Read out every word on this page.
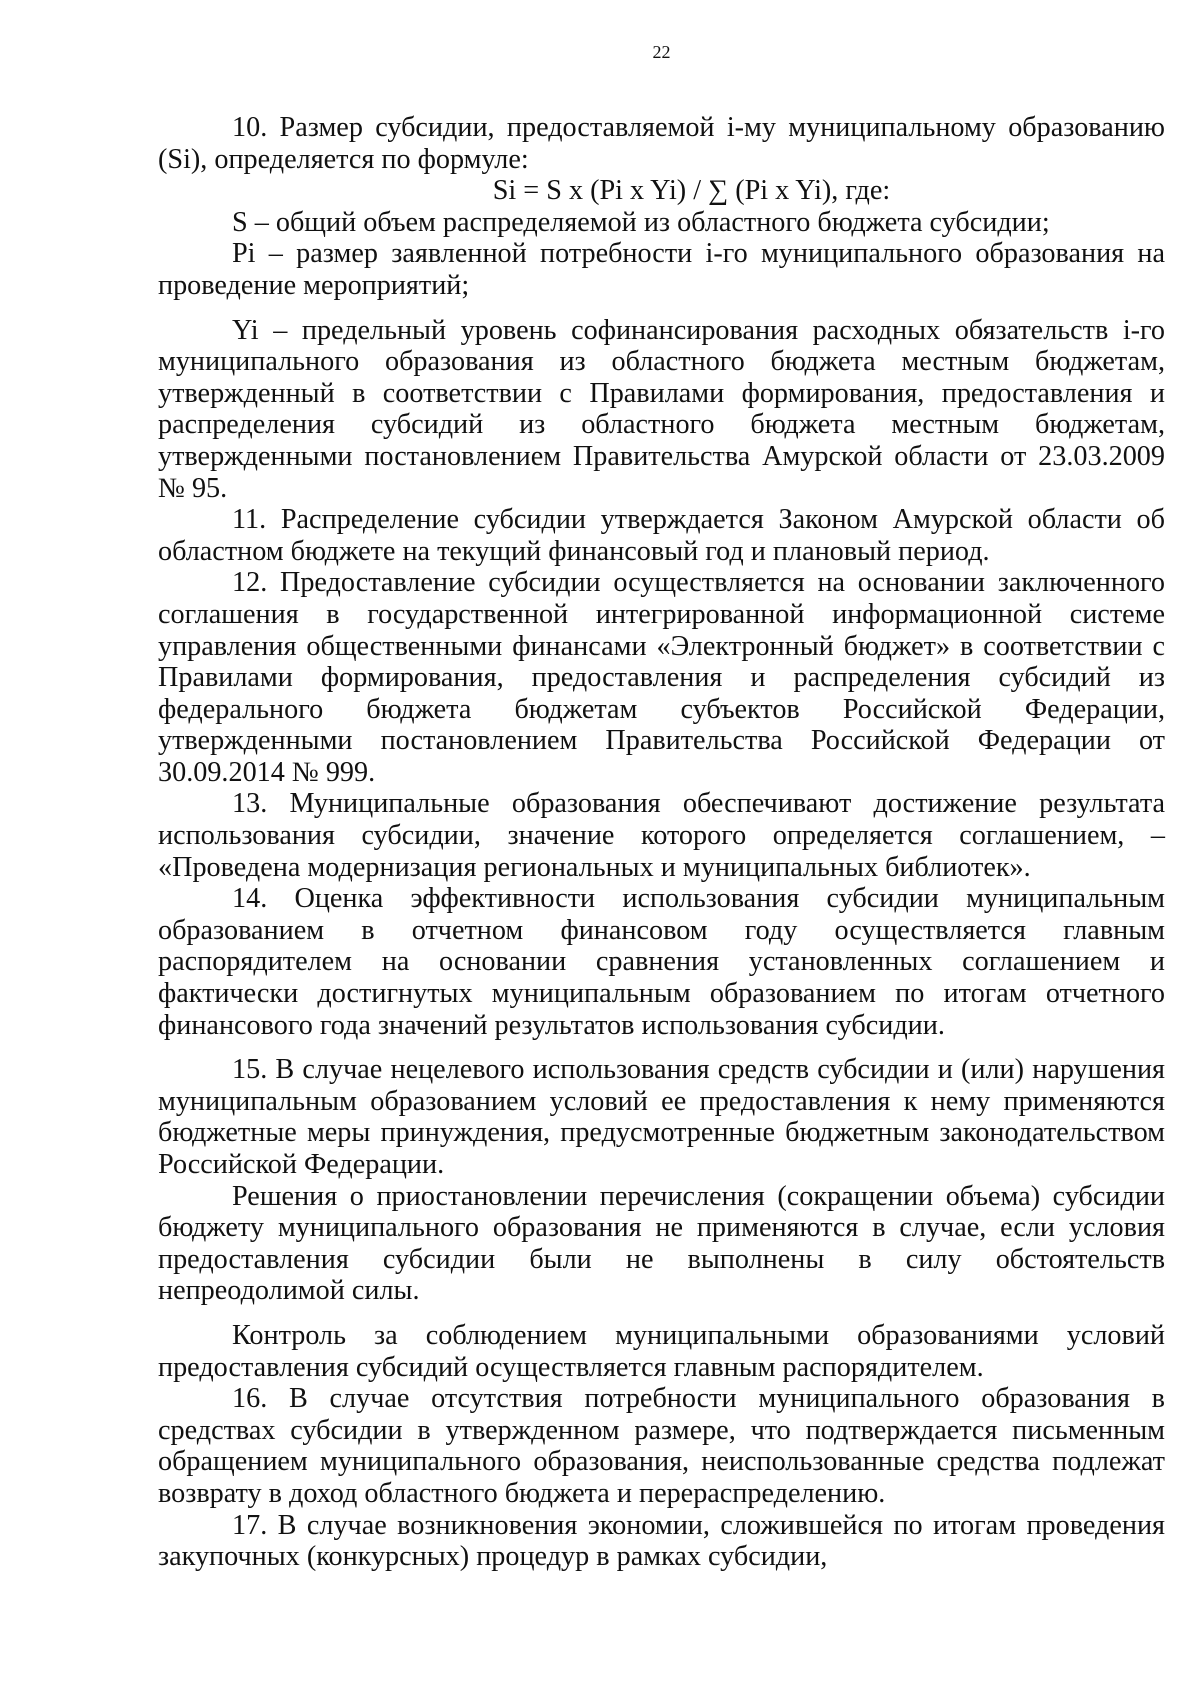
22

10. Размер субсидии, предоставляемой i-му муниципальному образованию (Si), определяется по формуле:

Si = S x (Pi x Yi) / ∑ (Pi x Yi), где:

S – общий объем распределяемой из областного бюджета субсидии;

Pi – размер заявленной потребности i-го муниципального образования на проведение мероприятий;

Yi – предельный уровень софинансирования расходных обязательств i-го муниципального образования из областного бюджета местным бюджетам, утвержденный в соответствии с Правилами формирования, предоставления и распределения субсидий из областного бюджета местным бюджетам, утвержденными постановлением Правительства Амурской области от 23.03.2009 № 95.

11. Распределение субсидии утверждается Законом Амурской области об областном бюджете на текущий финансовый год и плановый период.

12. Предоставление субсидии осуществляется на основании заключенного соглашения в государственной интегрированной информационной системе управления общественными финансами «Электронный бюджет» в соответствии с Правилами формирования, предоставления и распределения субсидий из федерального бюджета бюджетам субъектов Российской Федерации, утвержденными постановлением Правительства Российской Федерации от 30.09.2014 № 999.

13. Муниципальные образования обеспечивают достижение результата использования субсидии, значение которого определяется соглашением, – «Проведена модернизация региональных и муниципальных библиотек».

14. Оценка эффективности использования субсидии муниципальным образованием в отчетном финансовом году осуществляется главным распорядителем на основании сравнения установленных соглашением и фактически достигнутых муниципальным образованием по итогам отчетного финансового года значений результатов использования субсидии.

15. В случае нецелевого использования средств субсидии и (или) нарушения муниципальным образованием условий ее предоставления к нему применяются бюджетные меры принуждения, предусмотренные бюджетным законодательством Российской Федерации.

Решения о приостановлении перечисления (сокращении объема) субсидии бюджету муниципального образования не применяются в случае, если условия предоставления субсидии были не выполнены в силу обстоятельств непреодолимой силы.

Контроль за соблюдением муниципальными образованиями условий предоставления субсидий осуществляется главным распорядителем.

16. В случае отсутствия потребности муниципального образования в средствах субсидии в утвержденном размере, что подтверждается письменным обращением муниципального образования, неиспользованные средства подлежат возврату в доход областного бюджета и перераспределению.

17. В случае возникновения экономии, сложившейся по итогам проведения закупочных (конкурсных) процедур в рамках субсидии,
